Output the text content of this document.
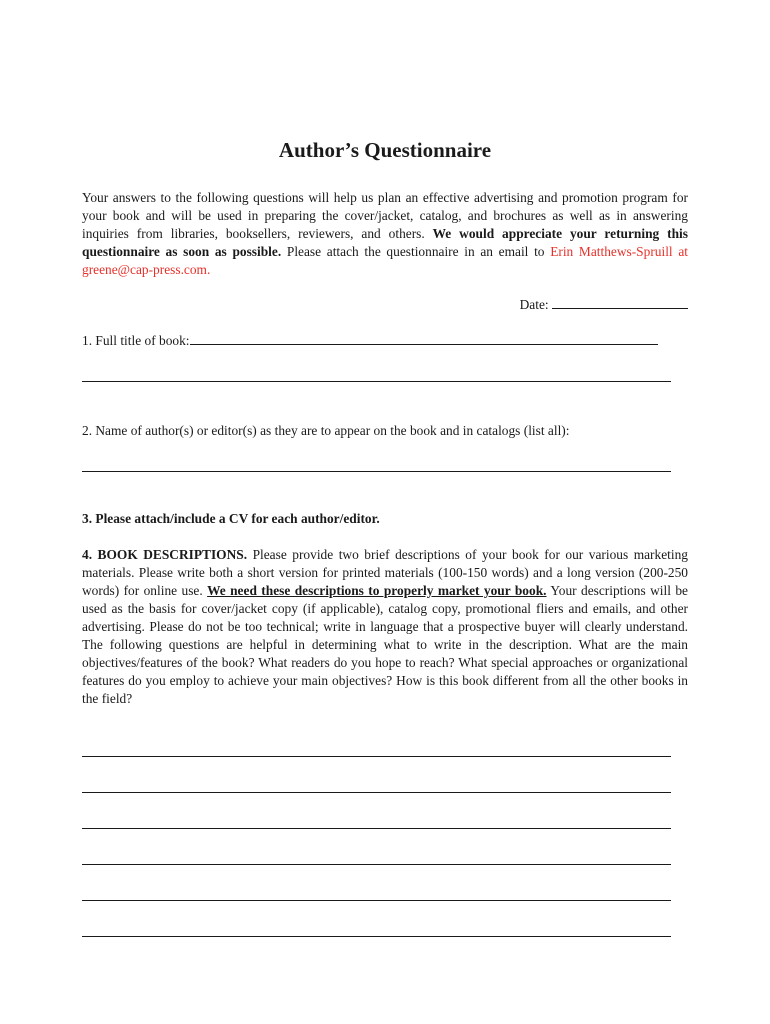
Author’s Questionnaire
Your answers to the following questions will help us plan an effective advertising and promotion program for your book and will be used in preparing the cover/jacket, catalog, and brochures as well as in answering inquiries from libraries, booksellers, reviewers, and others. We would appreciate your returning this questionnaire as soon as possible. Please attach the questionnaire in an email to Erin Matthews-Spruill at greene@cap-press.com.
Date:
1. Full title of book:
2. Name of author(s) or editor(s) as they are to appear on the book and in catalogs (list all):
3. Please attach/include a CV for each author/editor.
4. BOOK DESCRIPTIONS. Please provide two brief descriptions of your book for our various marketing materials. Please write both a short version for printed materials (100-150 words) and a long version (200-250 words) for online use. We need these descriptions to properly market your book. Your descriptions will be used as the basis for cover/jacket copy (if applicable), catalog copy, promotional fliers and emails, and other advertising. Please do not be too technical; write in language that a prospective buyer will clearly understand. The following questions are helpful in determining what to write in the description. What are the main objectives/features of the book? What readers do you hope to reach? What special approaches or organizational features do you employ to achieve your main objectives? How is this book different from all the other books in the field?
